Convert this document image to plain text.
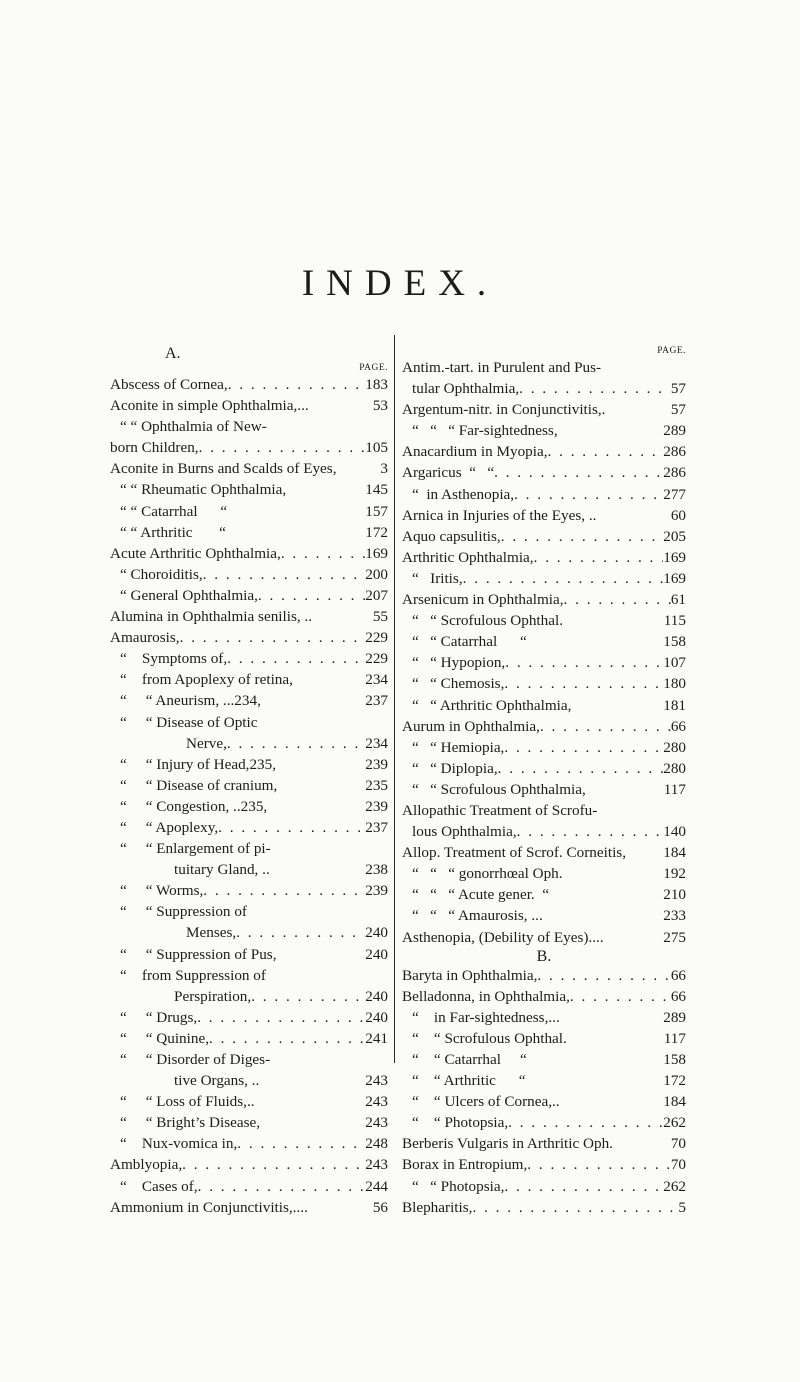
INDEX.
A.
PAGE.
Abscess of Cornea, . . .	183
Aconite in simple Ophthalmia,...	53
“ “ Ophthalmia of New-
born Children, . . .	105
Aconite in Burns and Scalds of Eyes,	3
“ “ Rheumatic Ophthalmia,	145
“ “ Catarrhal      “	157
“ “ Arthritic       “	172
Acute Arthritic Ophthalmia, . . .	169
“ Choroiditis, . . .	200
“ General Ophthalmia, . . .	207
Alumina in Ophthalmia senilis, ..	55
Amaurosis, . . .	229
“    Symptoms of, . . .	229
“    from Apoplexy of retina,	234
“     “ Aneurism, ...234,	237
“     “ Disease of Optic
Nerve, . . .	234
“     “ Injury of Head,235,	239
“     “ Disease of cranium,	235
“     “ Congestion, ..235,	239
“     “ Apoplexy, . . .	237
“     “ Enlargement of pi-
tuitary Gland, ..	238
“     “ Worms, . . .	239
“     “ Suppression of
Menses, . . .	240
“     “ Suppression of Pus,	240
“    from Suppression of
Perspiration, . . .	240
“     “ Drugs, . . .	240
“     “ Quinine, . . .	241
“     “ Disorder of Diges-
tive Organs, ..	243
“     “ Loss of Fluids,..	243
“     “ Bright’s Disease,	243
“    Nux-vomica in, . . .	248
Amblyopia, . . .	243
“    Cases of, . . .	244
Ammonium in Conjunctivitis,....	56
PAGE.
Antim.-tart. in Purulent and Pus-
tular Ophthalmia, . . .	57
Argentum-nitr. in Conjunctivitis,.	57
“   “   “ Far-sightedness,	289
Anacardium in Myopia, . . .	286
Argaricus  “   “ . . .	286
“  in Asthenopia, . . .	277
Arnica in Injuries of the Eyes, ..	60
Aquo capsulitis, . . .	205
Arthritic Ophthalmia, . . .	169
“   Iritis, . . .	169
Arsenicum in Ophthalmia, . . .	61
“   “ Scrofulous Ophthal.	115
“   “ Catarrhal      “	158
“   “ Hypopion, . . .	107
“   “ Chemosis, . . .	180
“   “ Arthritic Ophthalmia,	181
Aurum in Ophthalmia, . . .	66
“   “ Hemiopia, . . .	280
“   “ Diplopia, . . .	280
“   “ Scrofulous Ophthalmia,	117
Allopathic Treatment of Scrofu-
lous Ophthalmia, . . .	140
Allop. Treatment of Scrof. Corneitis, 184
“   “   “ gonorrhœal Oph.	192
“   “   “ Acute gener.  “	210
“   “   “ Amaurosis, ...	233
Asthenopia, (Debility of Eyes)....	275
B.
Baryta in Ophthalmia, . . .	66
Belladonna, in Ophthalmia, . . .	66
“    in Far-sightedness,...	289
“    “ Scrofulous Ophthal.	117
“    “ Catarrhal     “	158
“    “ Arthritic      “	172
“    “ Ulcers of Cornea,..	184
“    “ Photopsia, . . .	262
Berberis Vulgaris in Arthritic Oph.	70
Borax in Entropium, . . .	70
“   “ Photopsia, . . .	262
Blepharitis, . . .	5
